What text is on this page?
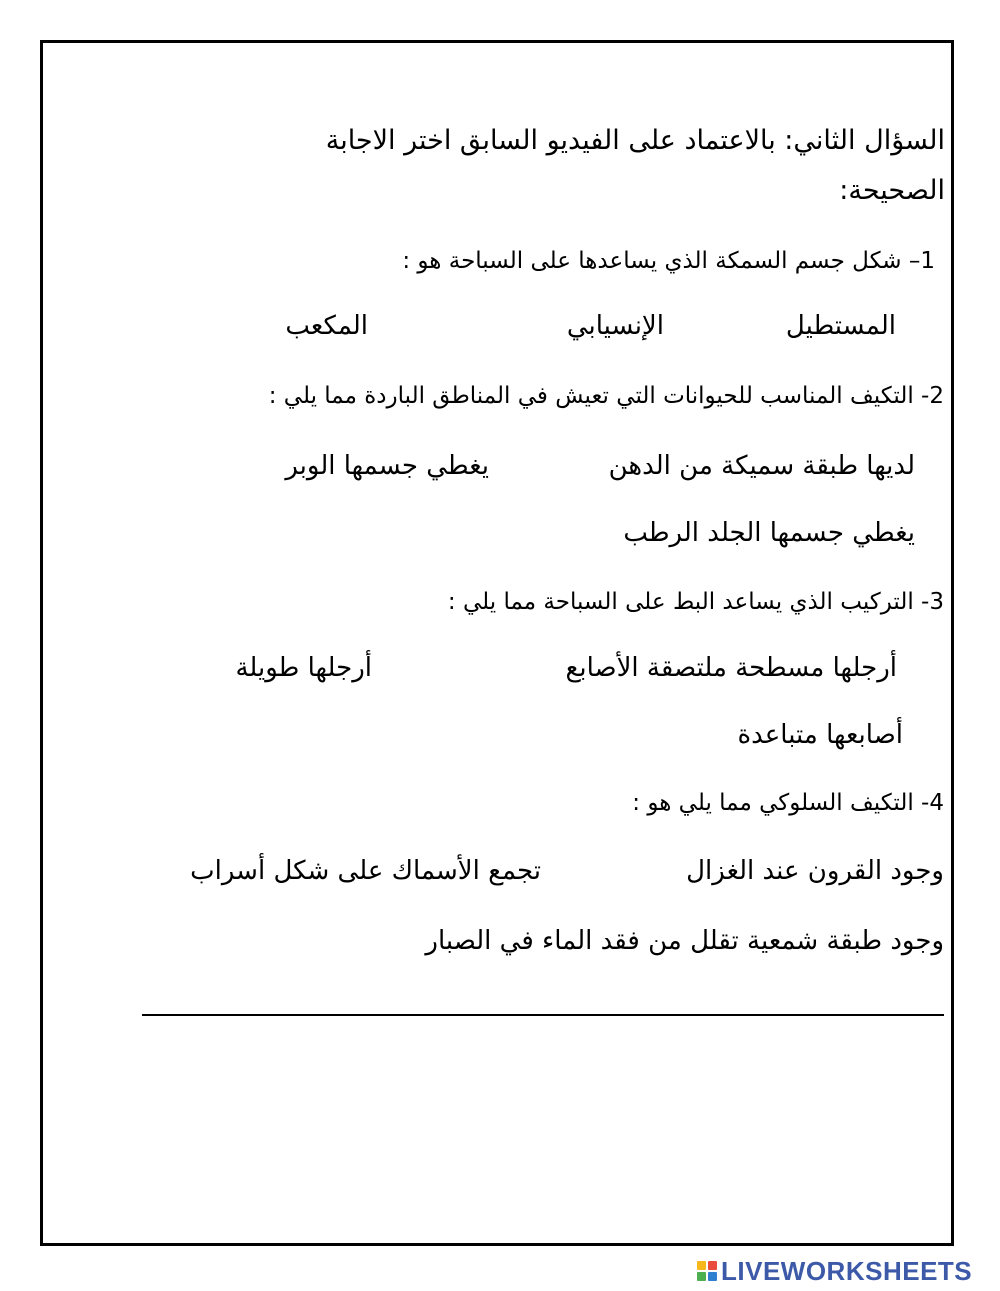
السؤال الثاني: بالاعتماد على الفيديو السابق اختر الاجابة
الصحيحة:
1– شكل جسم السمكة الذي يساعدها على السباحة هو :
المستطيل
الإنسيابي
المكعب
2- التكيف المناسب للحيوانات التي تعيش في المناطق الباردة مما يلي :
لديها طبقة سميكة من الدهن
يغطي جسمها الوبر
يغطي جسمها الجلد الرطب
3- التركيب الذي يساعد البط على السباحة مما يلي :
أرجلها مسطحة ملتصقة الأصابع
أرجلها طويلة
أصابعها متباعدة
4- التكيف السلوكي مما يلي هو :
وجود القرون عند الغزال
تجمع الأسماك على شكل أسراب
وجود طبقة شمعية تقلل من فقد الماء في الصبار
LIVEWORKSHEETS
